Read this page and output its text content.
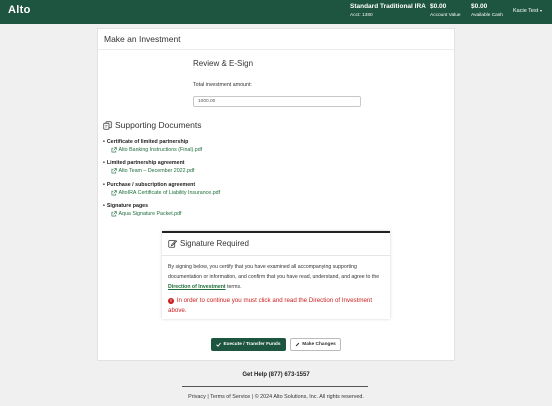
Alto	Standard Traditional IRA
Acct: 1380
$0.00
Account Value
$0.00
Available Cash
Kacie Test
Make an Investment
Review & E-Sign
Total investment amount:
1000.00
Supporting Documents
• Certificate of limited partnership
Alto Banking Instructions (Final).pdf
• Limited partnership agreement
Alto Team – December 2022.pdf
• Purchase / subscription agreement
AltoIRA Certificate of Liability Insurance.pdf
• Signature pages
Aqua Signature Packet.pdf
Signature Required
By signing below, you certify that you have examined all accompanying supporting documentation or information, and confirm that you have read, understand, and agree to the Direction of Investment terms.
! In order to continue you must click and read the Direction of Investment above.
Execute / Transfer Funds	Make Changes
Get Help (877) 673-1557
Privacy | Terms of Service | © 2024 Alto Solutions, Inc. All rights reserved.
